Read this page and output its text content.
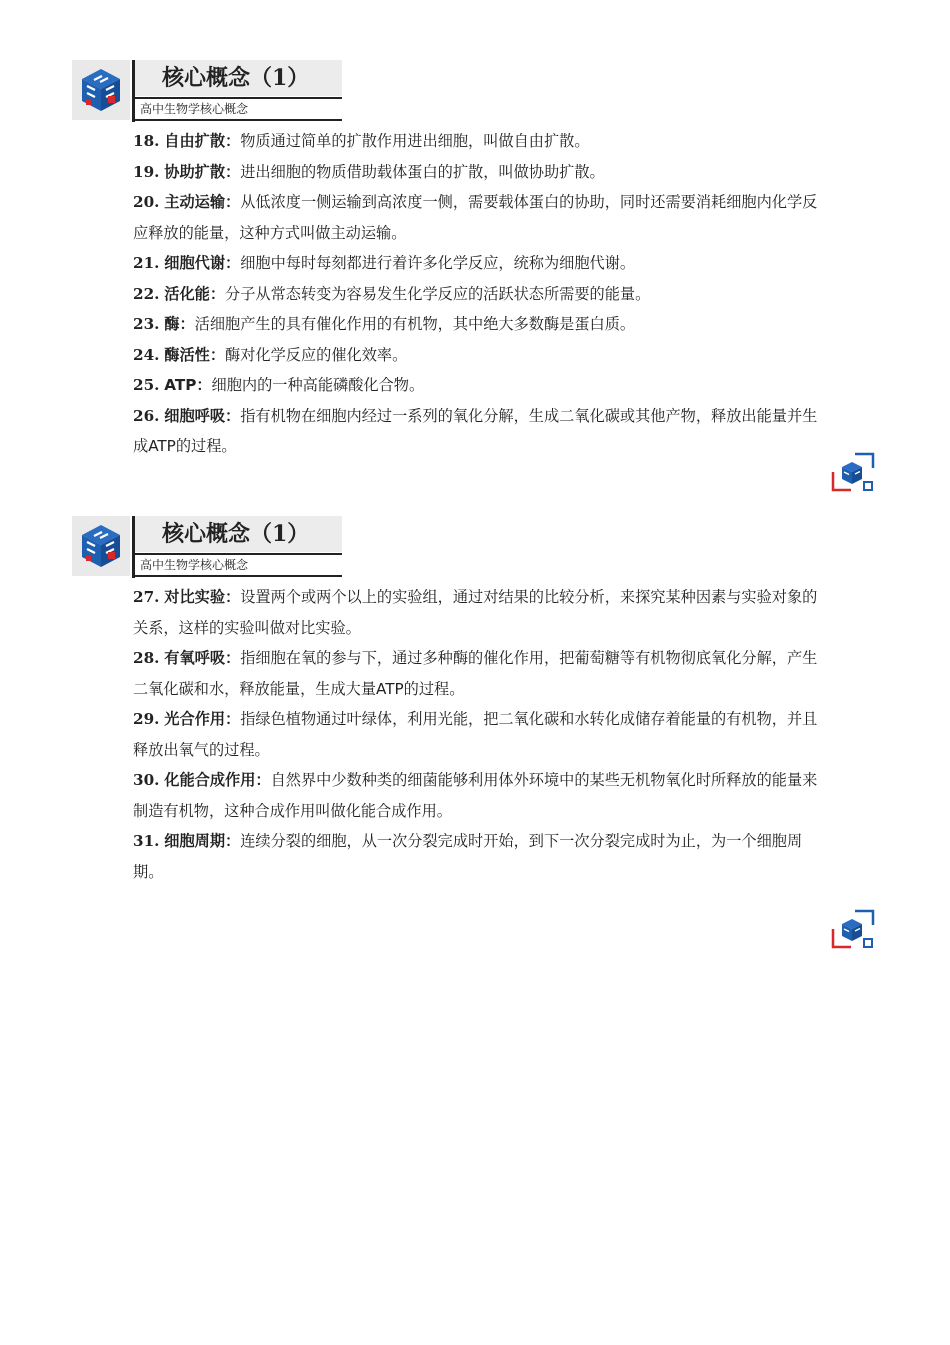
核心概念（1）
高中生物学核心概念

18. 自由扩散：物质通过简单的扩散作用进出细胞，叫做自由扩散。

19. 协助扩散：进出细胞的物质借助载体蛋白的扩散，叫做协助扩散。

20. 主动运输：从低浓度一侧运输到高浓度一侧，需要载体蛋白的协助，同时还需要消耗细胞内化学反应释放的能量，这种方式叫做主动运输。

21. 细胞代谢：细胞中每时每刻都进行着许多化学反应，统称为细胞代谢。

22. 活化能：分子从常态转变为容易发生化学反应的活跃状态所需要的能量。

23. 酶：活细胞产生的具有催化作用的有机物，其中绝大多数酶是蛋白质。

24. 酶活性：酶对化学反应的催化效率。

25. ATP：细胞内的一种高能磷酸化合物。

26. 细胞呼吸：指有机物在细胞内经过一系列的氧化分解，生成二氧化碳或其他产物，释放出能量并生成ATP的过程。

核心概念（1）
高中生物学核心概念

27. 对比实验：设置两个或两个以上的实验组，通过对结果的比较分析，来探究某种因素与实验对象的关系，这样的实验叫做对比实验。

28. 有氧呼吸：指细胞在氧的参与下，通过多种酶的催化作用，把葡萄糖等有机物彻底氧化分解，产生二氧化碳和水，释放能量，生成大量ATP的过程。

29. 光合作用：指绿色植物通过叶绿体，利用光能，把二氧化碳和水转化成储存着能量的有机物，并且释放出氧气的过程。

30. 化能合成作用：自然界中少数种类的细菌能够利用体外环境中的某些无机物氧化时所释放的能量来制造有机物，这种合成作用叫做化能合成作用。

31. 细胞周期：连续分裂的细胞，从一次分裂完成时开始，到下一次分裂完成时为止，为一个细胞周期。
